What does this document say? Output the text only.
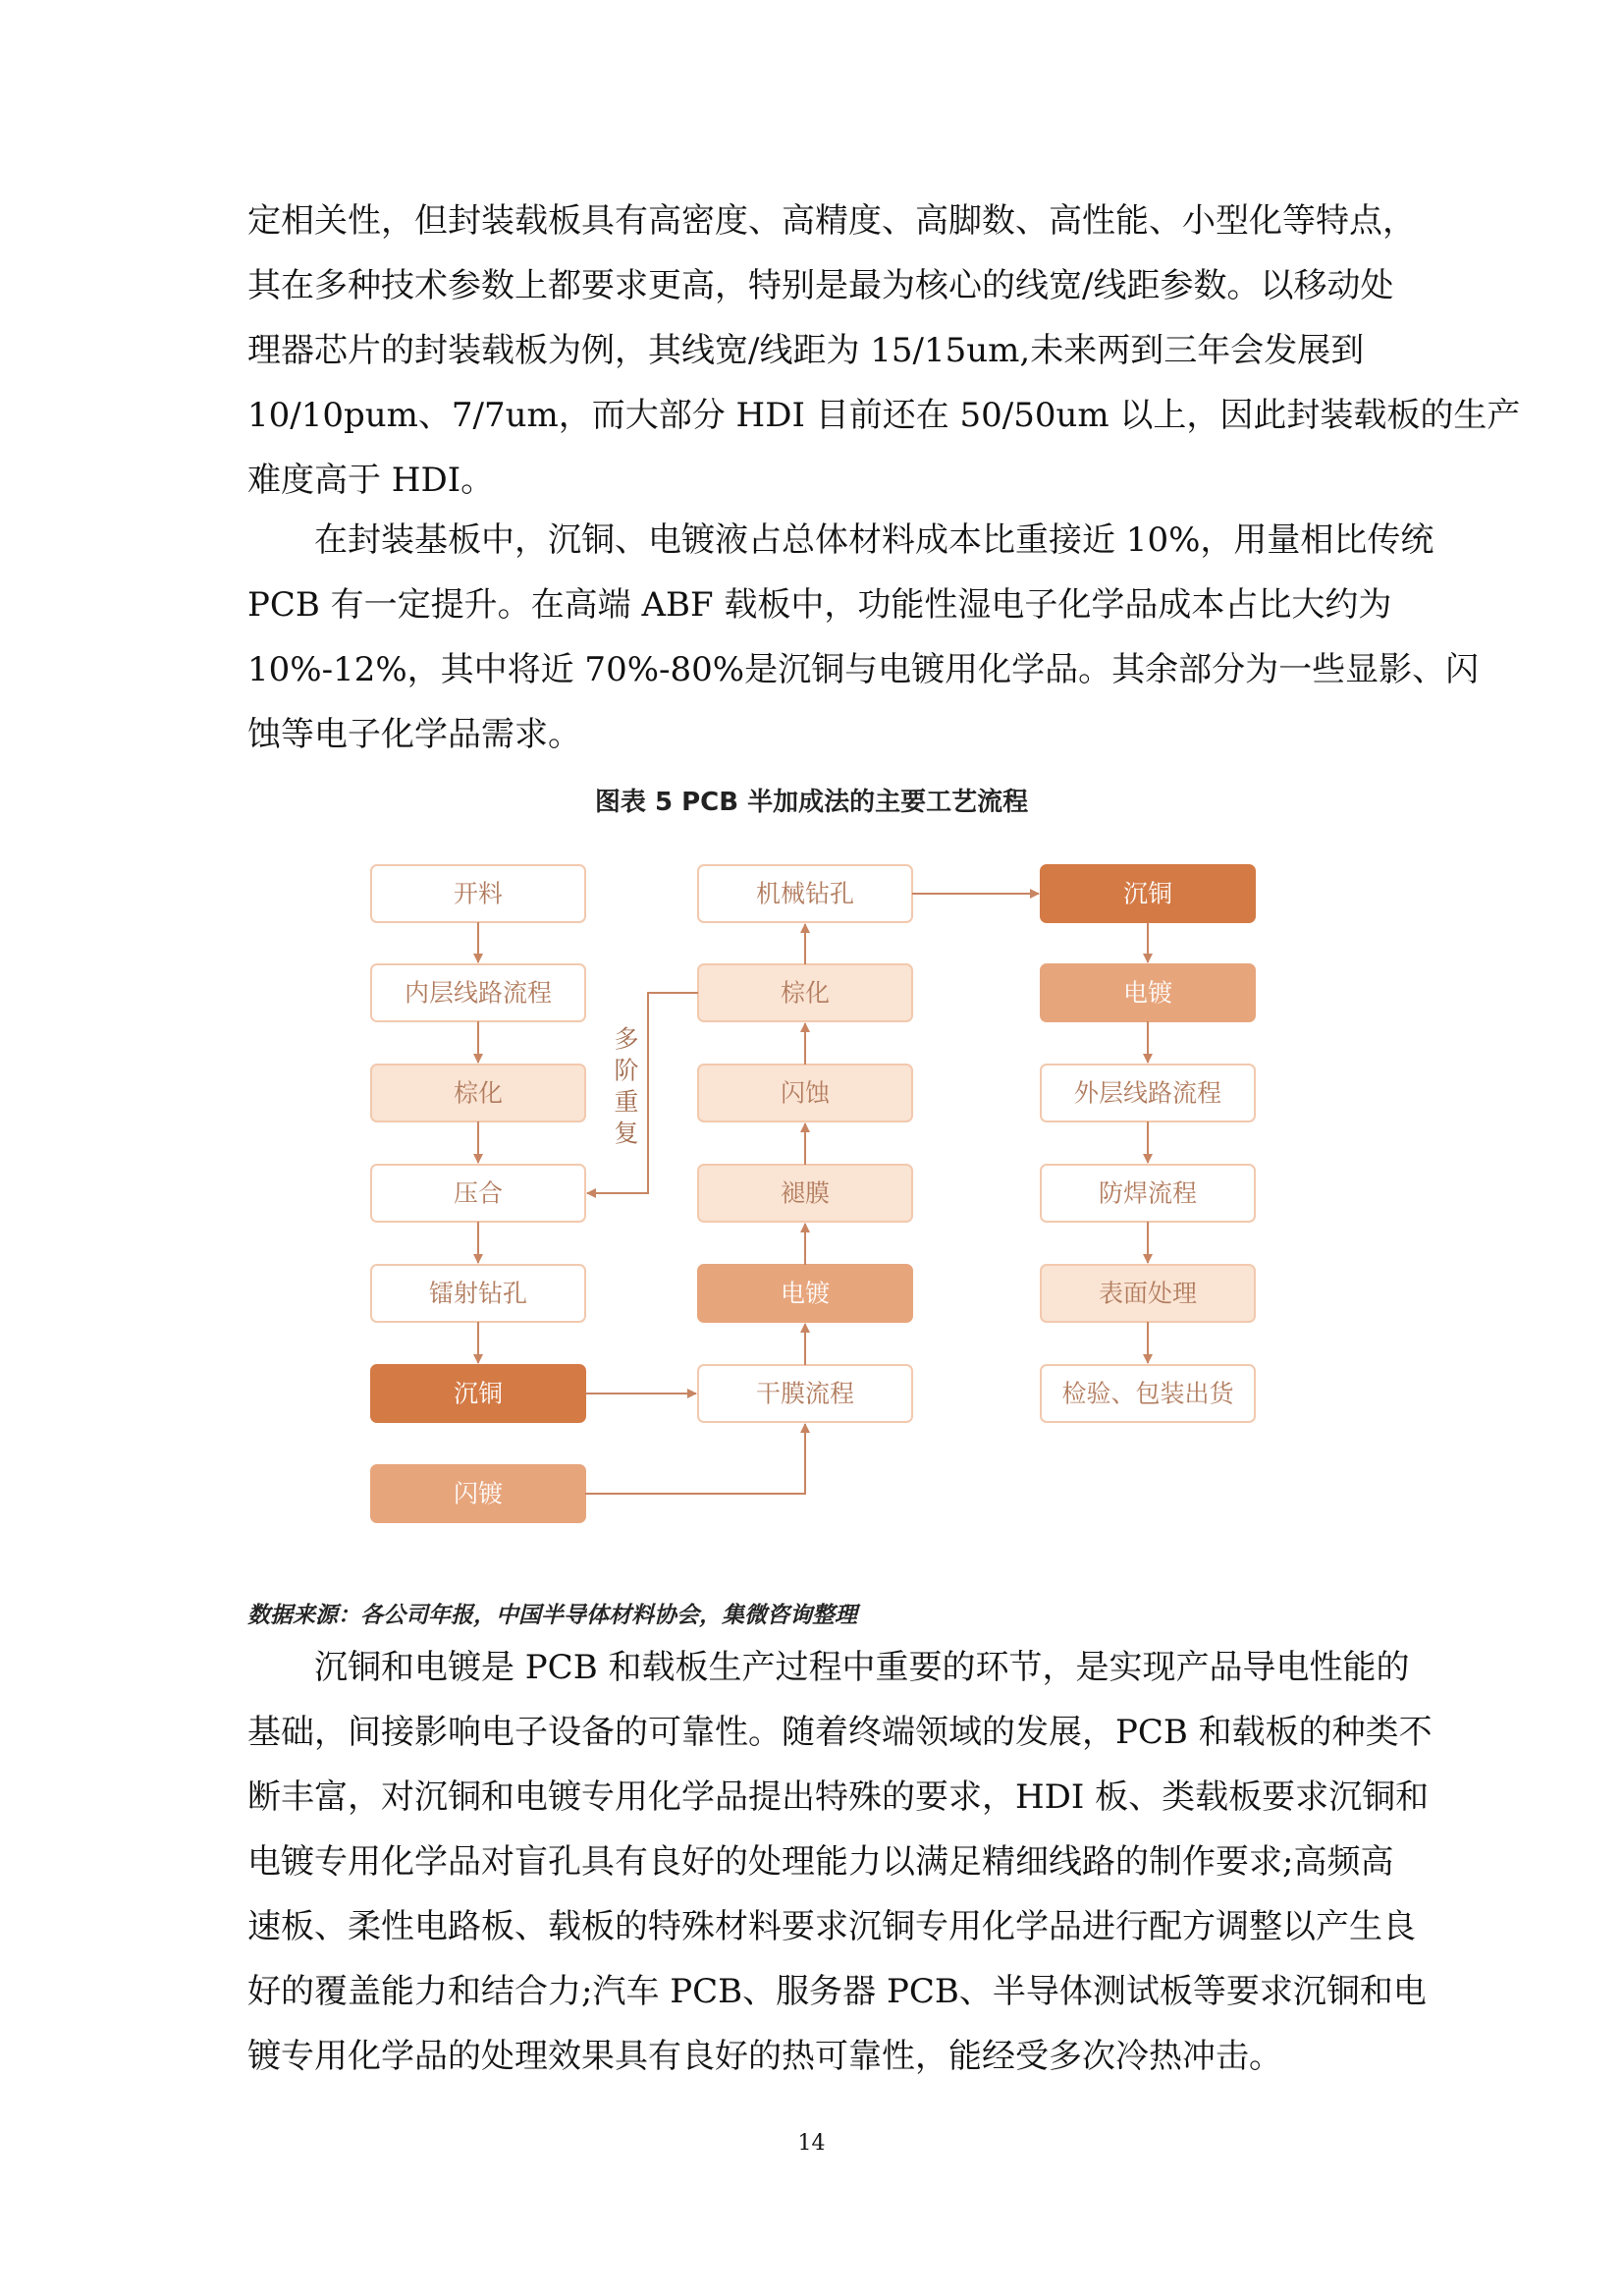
定相关性，但封装载板具有高密度、高精度、高脚数、高性能、小型化等特点，
其在多种技术参数上都要求更高，特别是最为核心的线宽/线距参数。以移动处
理器芯片的封装载板为例，其线宽/线距为 15/15um,未来两到三年会发展到
10/10pum、7/7um，而大部分 HDI 目前还在 50/50um 以上，因此封装载板的生产
难度高于 HDI。
在封装基板中，沉铜、电镀液占总体材料成本比重接近 10%，用量相比传统
PCB 有一定提升。在高端 ABF 载板中，功能性湿电子化学品成本占比大约为
10%-12%，其中将近 70%-80%是沉铜与电镀用化学品。其余部分为一些显影、闪
蚀等电子化学品需求。
图表 5 PCB 半加成法的主要工艺流程
开料
内层线路流程
棕化
压合
镭射钻孔
沉铜
闪镀
机械钻孔
棕化
闪蚀
褪膜
电镀
干膜流程
沉铜
电镀
外层线路流程
防焊流程
表面处理
检验、包装出货
多
阶
重
复
数据来源：各公司年报，中国半导体材料协会，集微咨询整理
沉铜和电镀是 PCB 和载板生产过程中重要的环节，是实现产品导电性能的
基础，间接影响电子设备的可靠性。随着终端领域的发展，PCB 和载板的种类不
断丰富，对沉铜和电镀专用化学品提出特殊的要求，HDI 板、类载板要求沉铜和
电镀专用化学品对盲孔具有良好的处理能力以满足精细线路的制作要求;高频高
速板、柔性电路板、载板的特殊材料要求沉铜专用化学品进行配方调整以产生良
好的覆盖能力和结合力;汽车 PCB、服务器 PCB、半导体测试板等要求沉铜和电
镀专用化学品的处理效果具有良好的热可靠性，能经受多次冷热冲击。
14
